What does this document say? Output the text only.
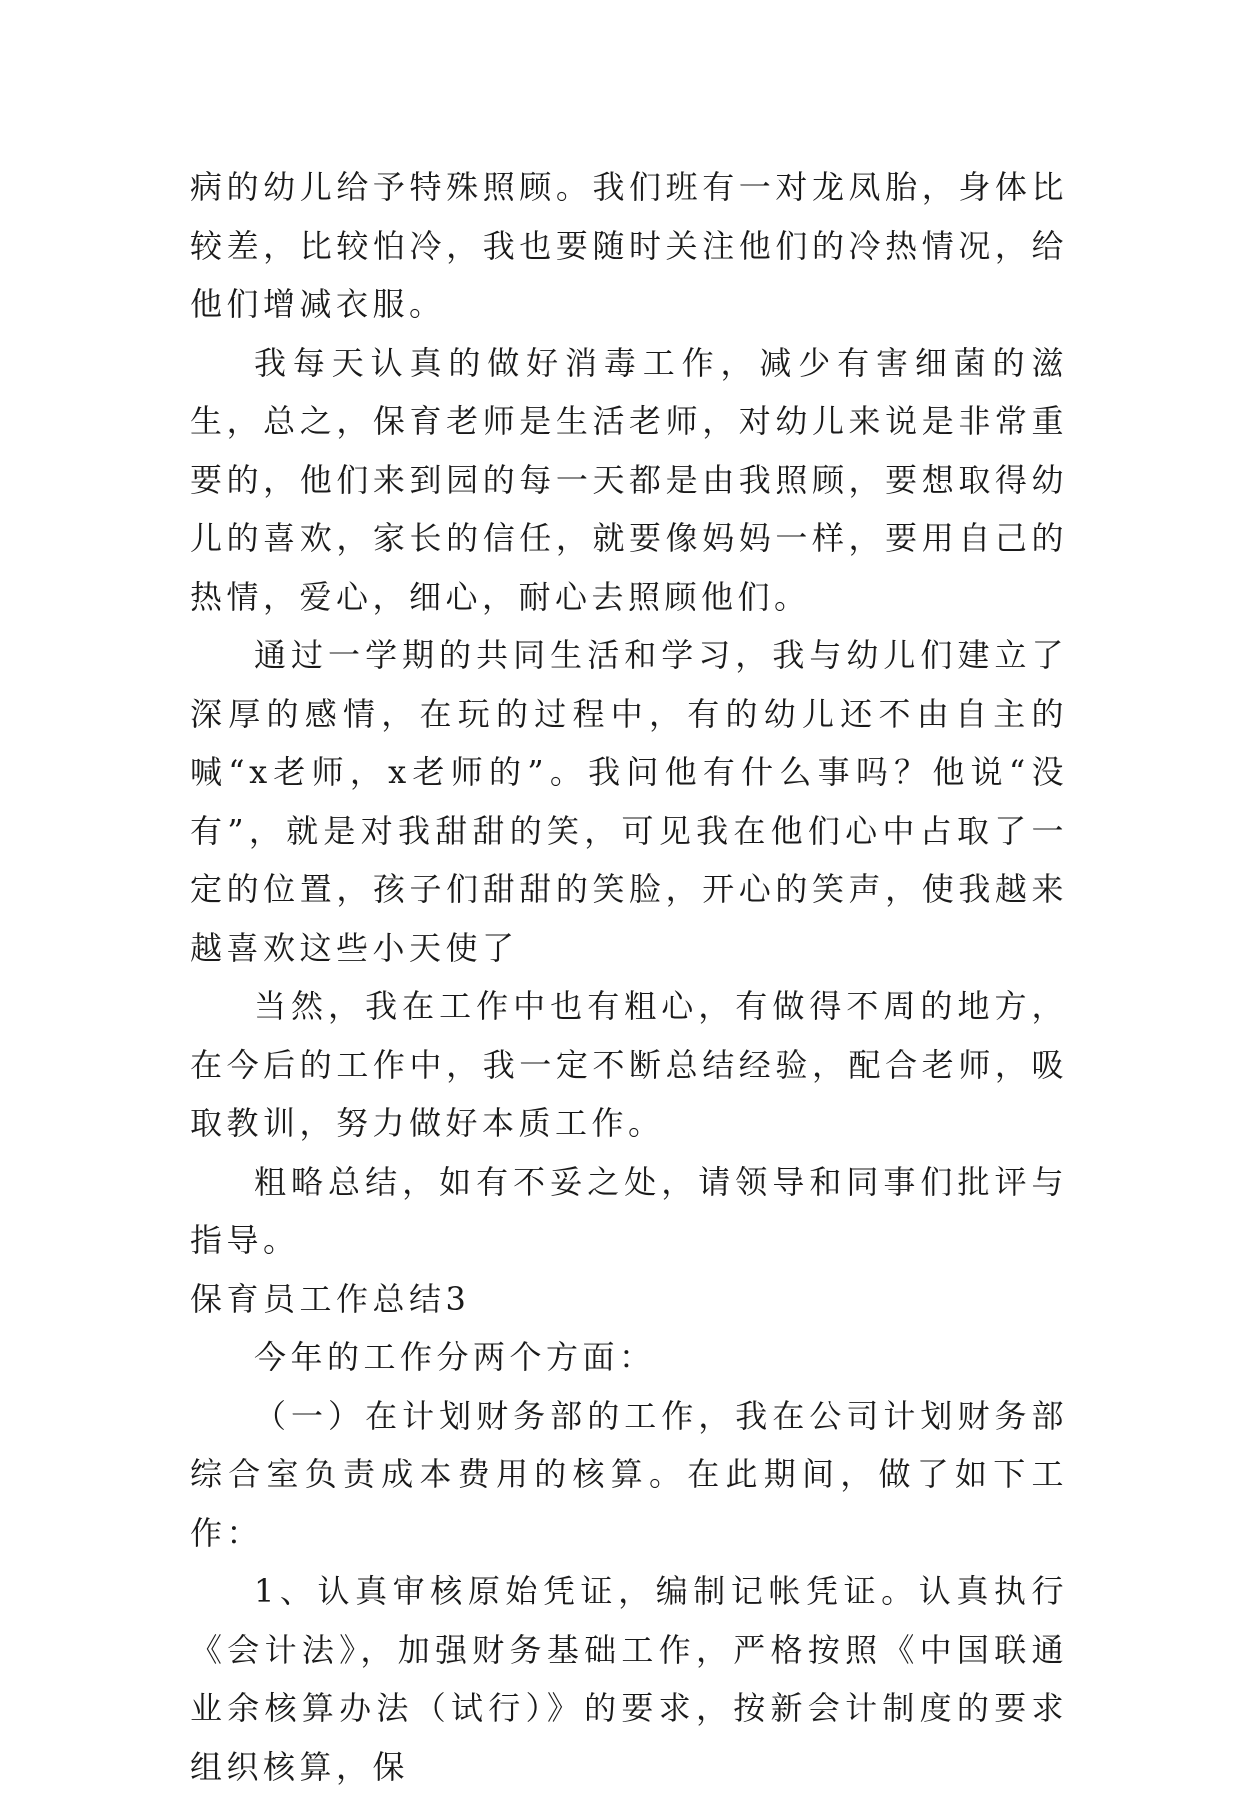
病的幼儿给予特殊照顾。我们班有一对龙凤胎，身体比较差，比较怕冷，我也要随时关注他们的冷热情况，给他们增减衣服。

我每天认真的做好消毒工作，减少有害细菌的滋生，总之，保育老师是生活老师，对幼儿来说是非常重要的，他们来到园的每一天都是由我照顾，要想取得幼儿的喜欢，家长的信任，就要像妈妈一样，要用自己的热情，爱心，细心，耐心去照顾他们。

通过一学期的共同生活和学习，我与幼儿们建立了深厚的感情，在玩的过程中，有的幼儿还不由自主的喊“x老师，x老师的”。我问他有什么事吗？他说“没有”，就是对我甜甜的笑，可见我在他们心中占取了一定的位置，孩子们甜甜的笑脸，开心的笑声，使我越来越喜欢这些小天使了

当然，我在工作中也有粗心，有做得不周的地方，在今后的工作中，我一定不断总结经验，配合老师，吸取教训，努力做好本质工作。

粗略总结，如有不妥之处，请领导和同事们批评与指导。

保育员工作总结3

今年的工作分两个方面：

（一）在计划财务部的工作，我在公司计划财务部综合室负责成本费用的核算。在此期间，做了如下工作：

1、认真审核原始凭证，编制记帐凭证。认真执行《会计法》，加强财务基础工作，严格按照《中国联通业余核算办法（试行）》的要求，按新会计制度的要求组织核算，保
